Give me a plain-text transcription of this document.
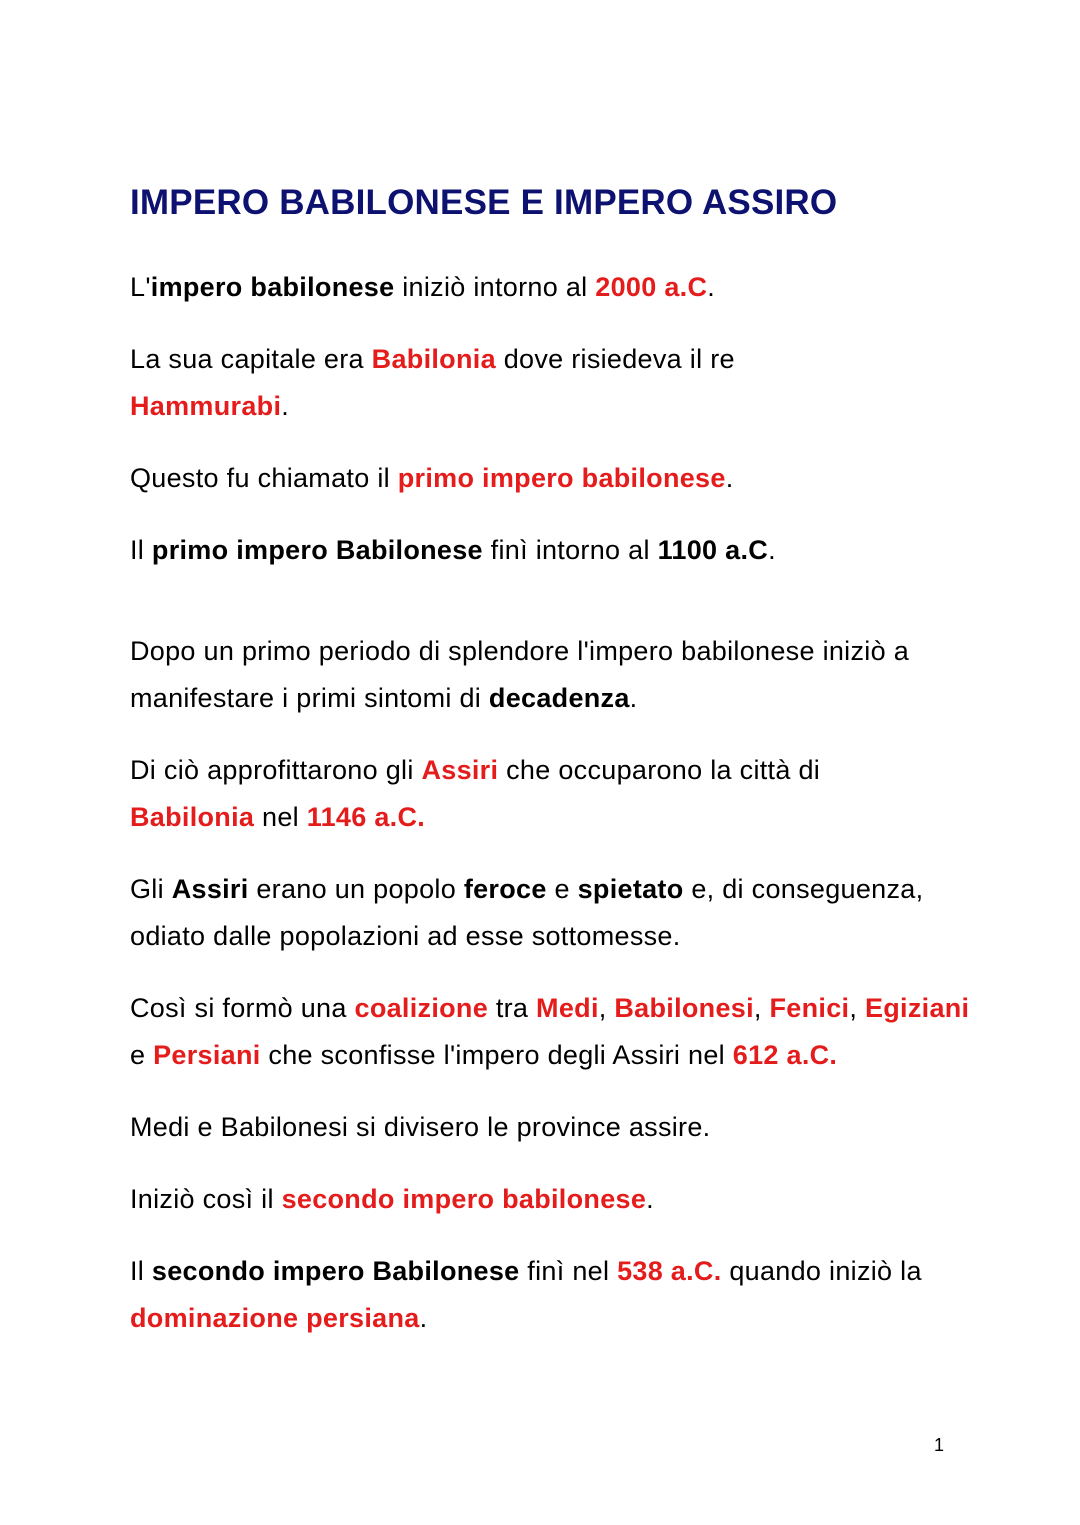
IMPERO BABILONESE E IMPERO ASSIRO

L'impero babilonese iniziò intorno al 2000 a.C.

La sua capitale era Babilonia dove risiedeva il re
Hammurabi.

Questo fu chiamato il primo impero babilonese.

Il primo impero Babilonese finì intorno al 1100 a.C.

Dopo un primo periodo di splendore l'impero babilonese iniziò a manifestare i primi sintomi di decadenza.

Di ciò approfittarono gli Assiri che occuparono la città di
Babilonia nel 1146 a.C.

Gli Assiri erano un popolo feroce e spietato e, di conseguenza, odiato dalle popolazioni ad esse sottomesse.

Così si formò una coalizione tra Medi, Babilonesi, Fenici, Egiziani e Persiani che sconfisse l'impero degli Assiri nel 612 a.C.

Medi e Babilonesi si divisero le province assire.

Iniziò così il secondo impero babilonese.

Il secondo impero Babilonese finì nel 538 a.C. quando iniziò la dominazione persiana.

1
